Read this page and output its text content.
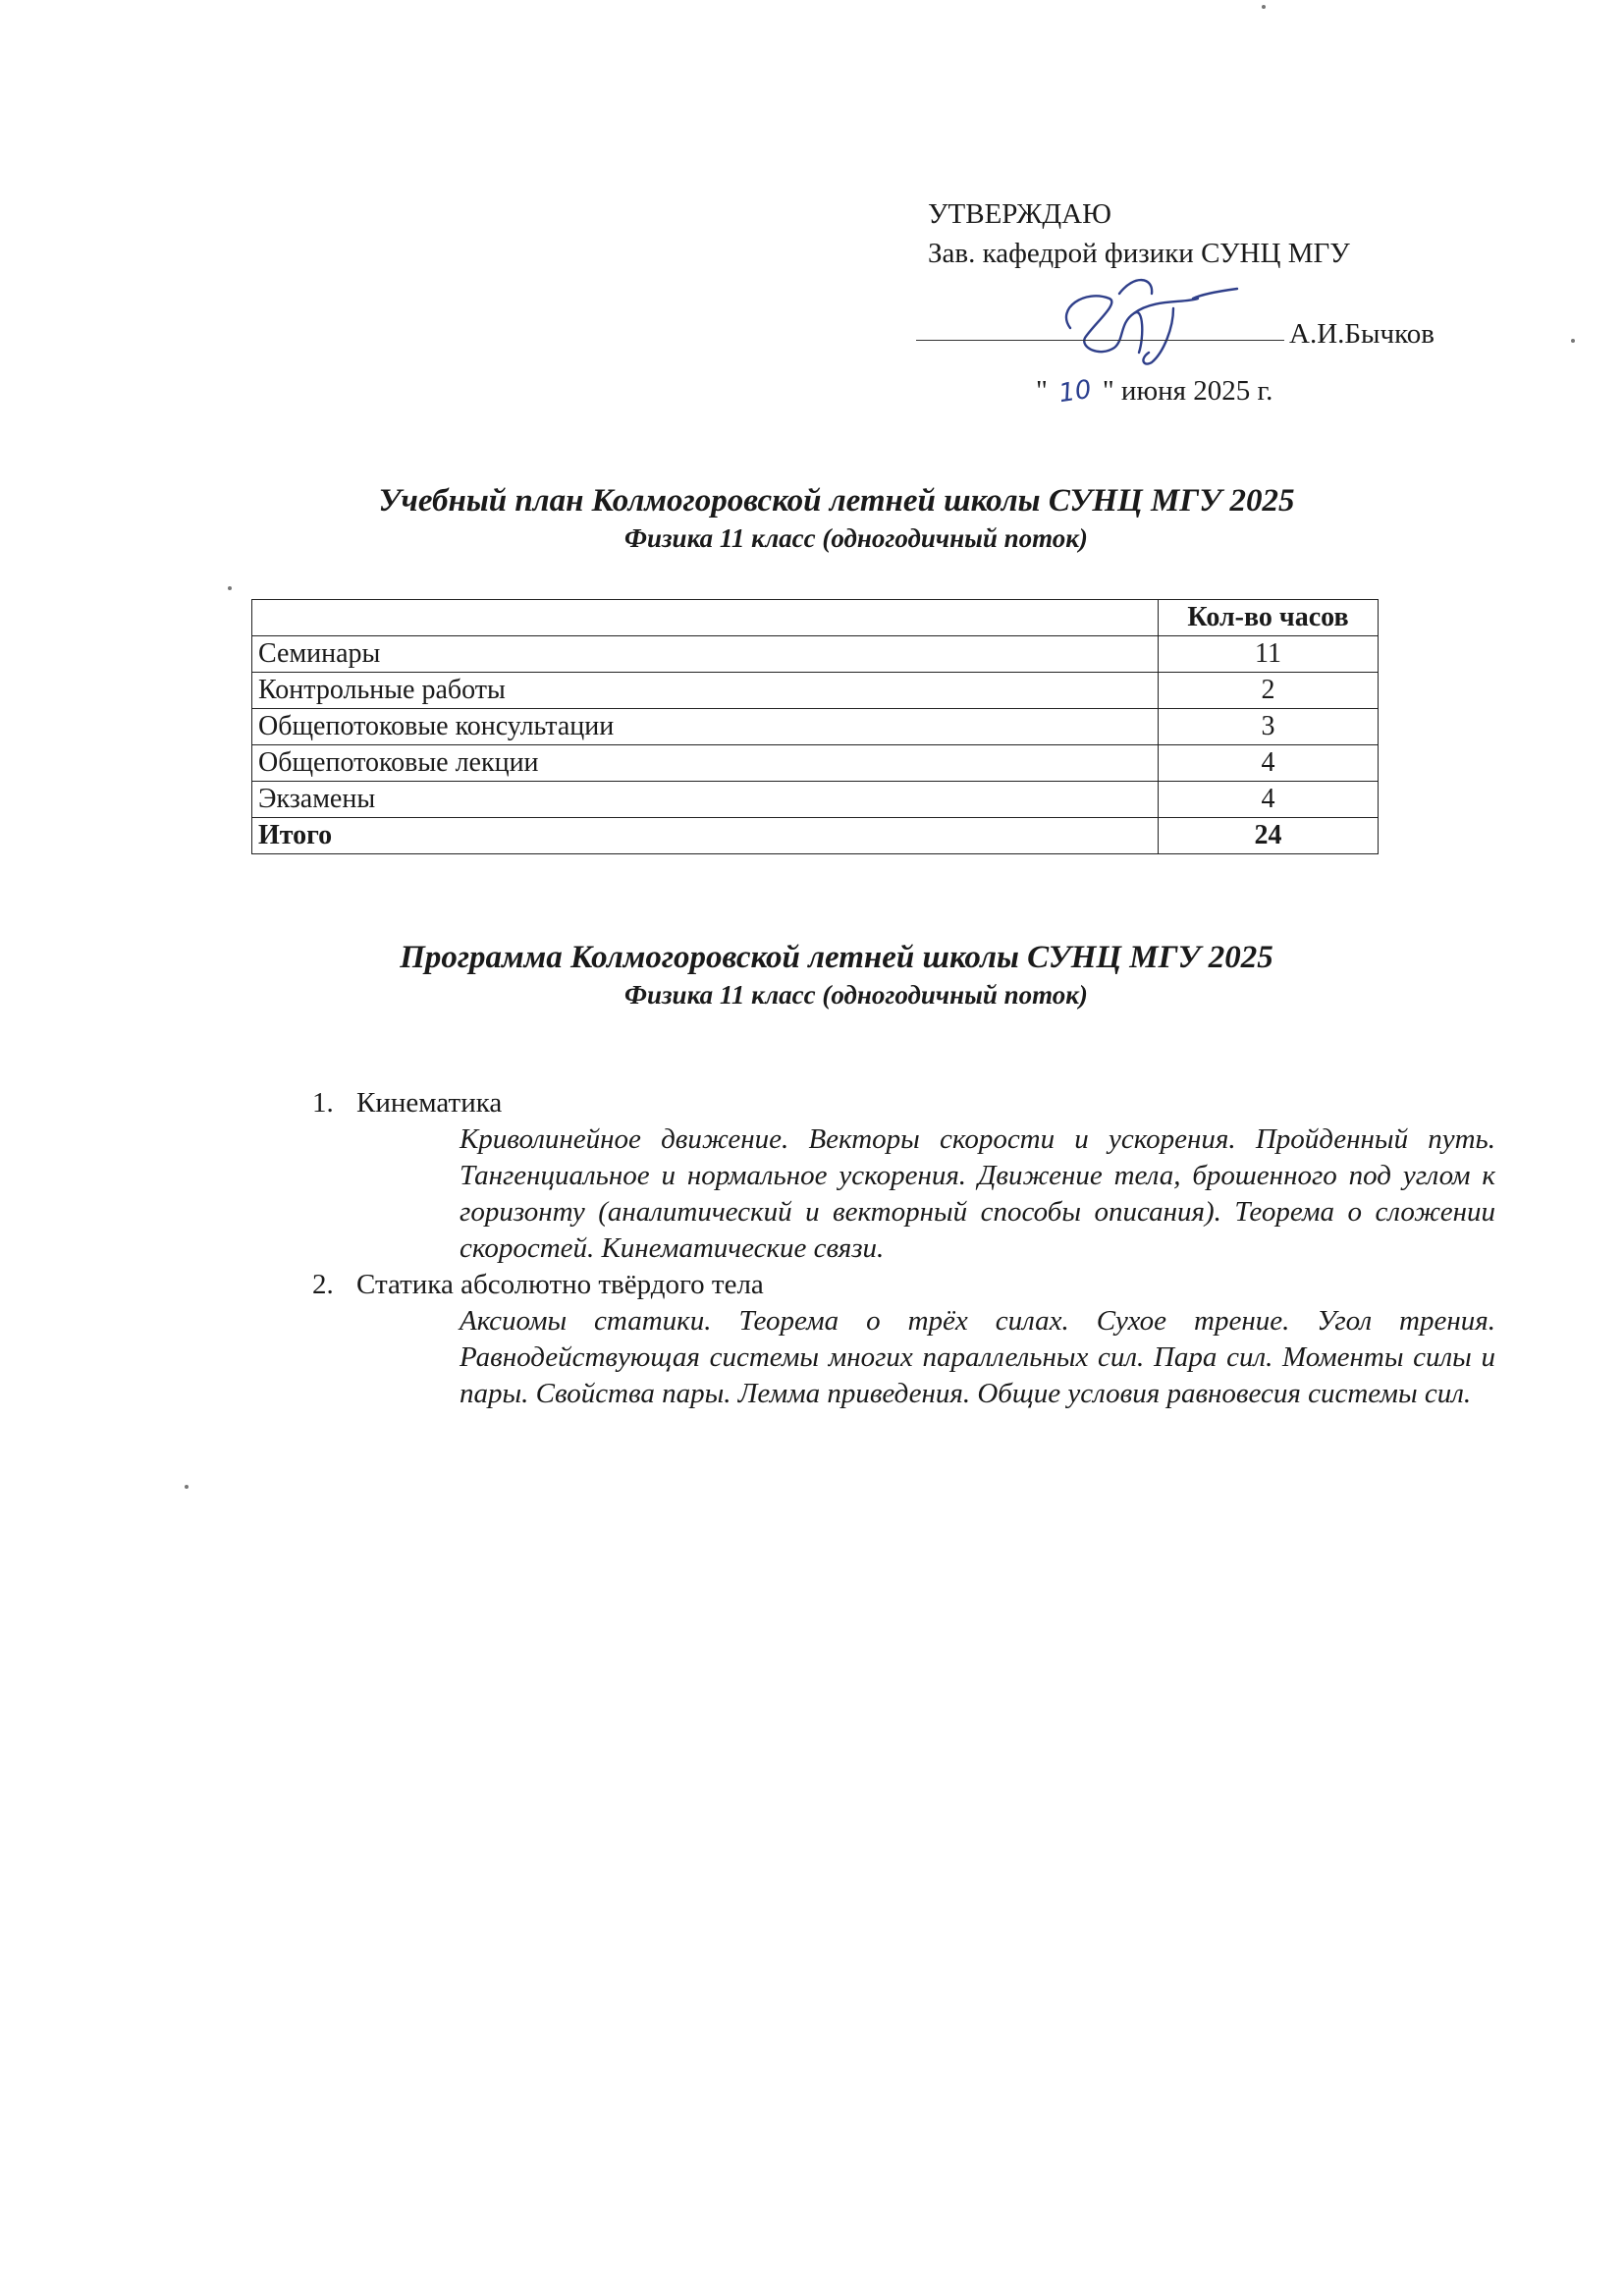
УТВЕРЖДАЮ
Зав. кафедрой физики СУНЦ МГУ
А.И.Бычков
" 10 " июня 2025 г.
Учебный план Колмогоровской летней школы СУНЦ МГУ 2025
Физика 11 класс (одногодичный поток)
	Кол-во часов
Семинары	11
Контрольные работы	2
Общепотоковые консультации	3
Общепотоковые лекции	4
Экзамены	4
Итого	24
Программа Колмогоровской летней школы СУНЦ МГУ 2025
Физика 11 класс (одногодичный поток)
1. Кинематика
Криволинейное движение. Векторы скорости и ускорения. Пройденный путь. Тангенциальное и нормальное ускорения. Движение тела, брошенного под углом к горизонту (аналитический и векторный способы описания). Теорема о сложении скоростей. Кинематические связи.
2. Статика абсолютно твёрдого тела
Аксиомы статики. Теорема о трёх силах. Сухое трение. Угол трения. Равнодействующая системы многих параллельных сил. Пара сил. Моменты силы и пары. Свойства пары. Лемма приведения. Общие условия равновесия системы сил.
